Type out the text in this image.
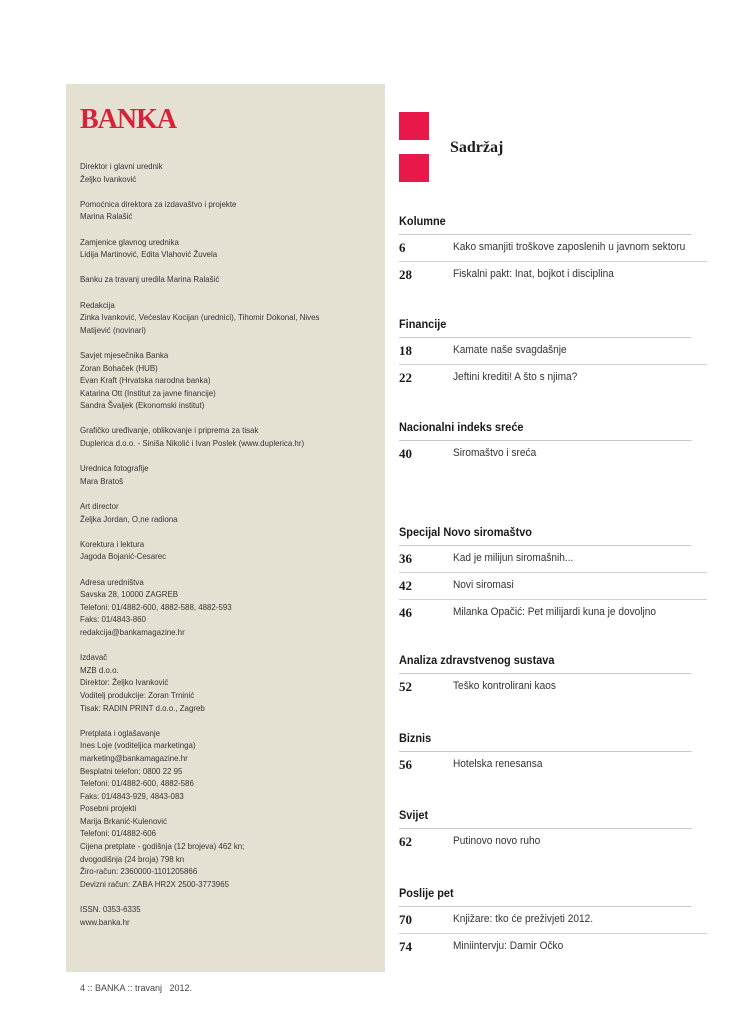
BANKA
Direktor i glavni urednik
Željko Ivanković
Pomoćnica direktora za izdavaštvo i projekte
Marina Ralašić
Zamjenice glavnog urednika
Lidija Martinović, Edita Vlahović Žuvela
Banku za travanj uredila Marina Ralašić
Redakcija
Zinka Ivanković, Većeslav Kocijan (urednici), Tihomir Dokonal, Nives
Matijević (novinari)
Savjet mjesečnika Banka
Zoran Bohaček (HUB)
Evan Kraft (Hrvatska narodna banka)
Katarina Ott (Institut za javne financije)
Sandra Švaljek (Ekonomski institut)
Grafičko uređivanje, oblikovanje i priprema za tisak
Duplerica d.o.o. - Siniša Nikolić i Ivan Poslek (www.duplerica.hr)
Urednica fotografije
Mara Bratoš
Art director
Željka Jordan, O,ne radiona
Korektura i lektura
Jagoda Bojanić-Cesarec
Adresa uredništva
Savska 28, 10000 ZAGREB
Telefoni: 01/4882-600, 4882-588, 4882-593
Faks: 01/4843-860
redakcija@bankamagazine.hr
Izdavač
MZB d.o.o.
Direktor: Željko Ivanković
Voditelj produkcije: Zoran Trninić
Tisak: RADIN PRINT d.o.o., Zagreb
Pretplata i oglašavanje
Ines Loje (voditeljica marketinga)
marketing@bankamagazine.hr
Besplatni telefon: 0800 22 95
Telefoni: 01/4882-600, 4882-586
Faks: 01/4843-929, 4843-083
Posebni projekti
Marija Brkanić-Kulenović
Telefoni: 01/4882-606
Cijena pretplate - godišnja (12 brojeva) 462 kn;
dvogodišnja (24 broja) 798 kn
Žiro-račun: 2360000-1101205866
Devizni račun: ZABA HR2X 2500-3773965
ISSN. 0353-6335
www.banka.hr
4 :: BANKA :: travanj   2012.
Sadržaj
Kolumne
6	Kako smanjiti troškove zaposlenih u javnom sektoru
28	Fiskalni pakt: Inat, bojkot i disciplina
Financije
18	Kamate naše svagdašnje
22	Jeftini krediti! A što s njima?
Nacionalni indeks sreće
40	Siromaštvo i sreća
Specijal Novo siromaštvo
36	Kad je milijun siromašnih...
42	Novi siromasi
46	Milanka Opačić: Pet milijardi kuna je dovoljno
Analiza zdravstvenog sustava
52	Teško kontrolirani kaos
Biznis
56	Hotelska renesansa
Svijet
62	Putinovo novo ruho
Poslije pet
70	Knjižare: tko će preživjeti 2012.
74	Miniintervju: Damir Očko
